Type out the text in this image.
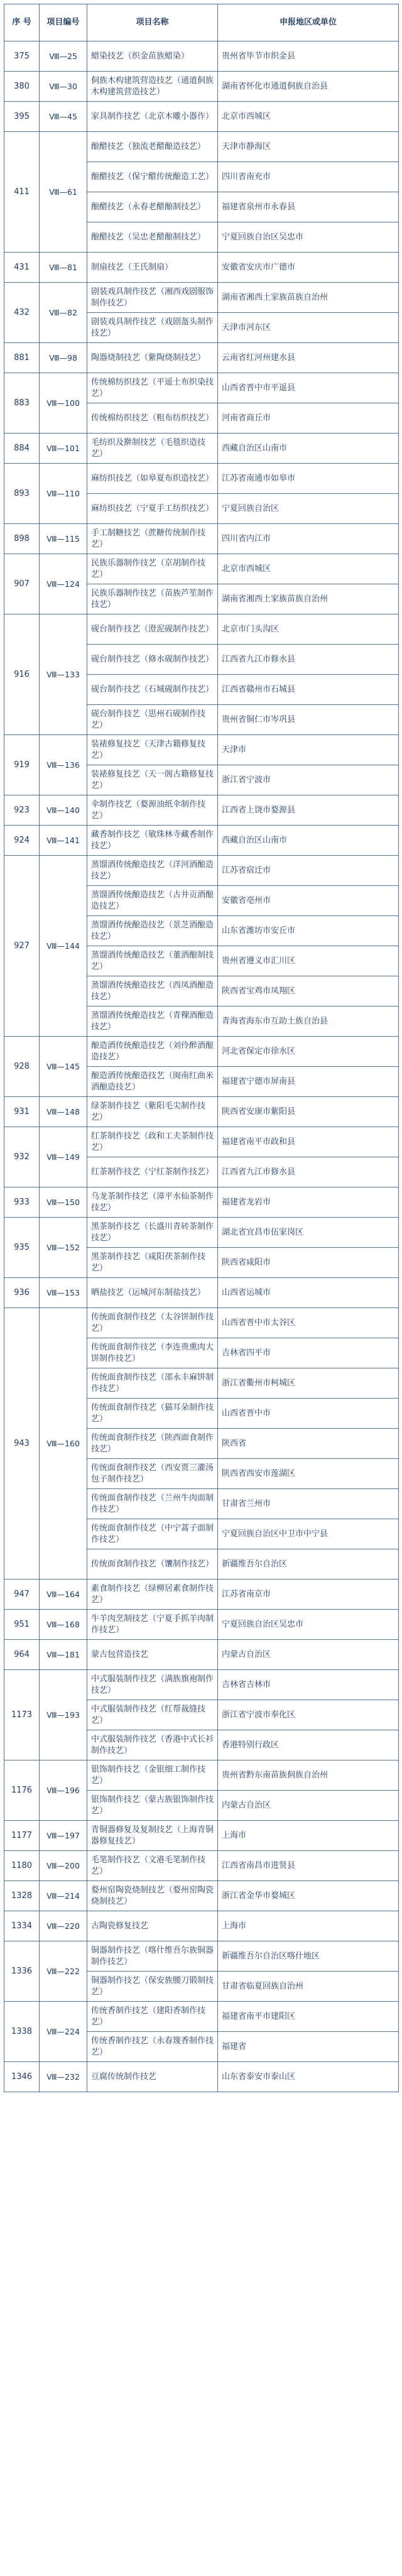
序 号	项目编号	项目名称	申报地区或单位
375	Ⅷ—25	蜡染技艺（织金苗族蜡染）	贵州省毕节市织金县
380	Ⅷ—30	侗族木构建筑营造技艺（通道侗族木构建筑营造技艺）	湖南省怀化市通道侗族自治县
395	Ⅷ—45	家具制作技艺（北京木雕小器作）	北京市西城区
411	Ⅷ—61	酿醋技艺（独流老醋酿造技艺）	天津市静海区
		酿醋技艺（保宁醋传统酿造工艺）	四川省南充市
		酿醋技艺（永春老醋酿制技艺）	福建省泉州市永春县
		酿醋技艺（吴忠老醋酿制技艺）	宁夏回族自治区吴忠市
431	Ⅷ—81	制扇技艺（王氏制扇）	安徽省安庆市广德市
432	Ⅷ—82	剧装戏具制作技艺（湘西戏剧服饰制作技艺）	湖南省湘西土家族苗族自治州
		剧装戏具制作技艺（戏剧盔头制作技艺）	天津市河东区
881	Ⅷ—98	陶器烧制技艺（紫陶烧制技艺）	云南省红河州建水县
883	Ⅷ—100	传统棉纺织技艺（平遥土布织染技艺）	山西省晋中市平遥县
		传统棉纺织技艺（粗布纺织技艺）	河南省商丘市
884	Ⅷ—101	毛纺织及擀制技艺（毛毯织造技艺）	西藏自治区山南市
893	Ⅷ—110	麻纺织技艺（如皋夏布织造技艺）	江苏省南通市如皋市
		麻纺织技艺（宁夏手工纺织技艺）	宁夏回族自治区
898	Ⅷ—115	手工制糖技艺（蔗糖传统制作技艺）	四川省内江市
907	Ⅷ—124	民族乐器制作技艺（京胡制作技艺）	北京市西城区
		民族乐器制作技艺（苗族芦笙制作技艺）	湖南省湘西土家族苗族自治州
916	Ⅷ—133	砚台制作技艺（澄泥砚制作技艺）	北京市门头沟区
		砚台制作技艺（修水砚制作技艺）	江西省九江市修水县
		砚台制作技艺（石城砚制作技艺）	江西省赣州市石城县
		砚台制作技艺（思州石砚制作技艺）	贵州省铜仁市岑巩县
919	Ⅷ—136	装裱修复技艺（天津古籍修复技艺）	天津市
		装裱修复技艺（天一阁古籍修复技艺）	浙江省宁波市
923	Ⅷ—140	伞制作技艺（婺源油纸伞制作技艺）	江西省上饶市婺源县
924	Ⅷ—141	藏香制作技艺（敏珠林寺藏香制作技艺）	西藏自治区山南市
927	Ⅷ—144	蒸馏酒传统酿造技艺（洋河酒酿造技艺）	江苏省宿迁市
		蒸馏酒传统酿造技艺（古井贡酒酿造技艺）	安徽省亳州市
		蒸馏酒传统酿造技艺（景芝酒酿造技艺）	山东省潍坊市安丘市
		蒸馏酒传统酿造技艺（董酒酿制技艺）	贵州省遵义市汇川区
		蒸馏酒传统酿造技艺（西凤酒酿造技艺）	陕西省宝鸡市凤翔区
		蒸馏酒传统酿造技艺（青稞酒酿造技艺）	青海省海东市互助土族自治县
928	Ⅷ—145	酿造酒传统酿造技艺（刘伶醉酒酿造技艺）	河北省保定市徐水区
		酿造酒传统酿造技艺（闽南红曲米酒酿造技艺）	福建省宁德市屏南县
931	Ⅷ—148	绿茶制作技艺（紫阳毛尖制作技艺）	陕西省安康市紫阳县
932	Ⅷ—149	红茶制作技艺（政和工夫茶制作技艺）	福建省南平市政和县
		红茶制作技艺（宁红茶制作技艺）	江西省九江市修水县
933	Ⅷ—150	乌龙茶制作技艺（漳平水仙茶制作技艺）	福建省龙岩市
935	Ⅷ—152	黑茶制作技艺（长盛川青砖茶制作技艺）	湖北省宜昌市伍家岗区
		黑茶制作技艺（咸阳茯茶制作技艺）	陕西省咸阳市
936	Ⅷ—153	晒盐技艺（运城河东制盐技艺）	山西省运城市
943	Ⅷ—160	传统面食制作技艺（太谷饼制作技艺）	山西省晋中市太谷区
		传统面食制作技艺（李连贵熏肉大饼制作技艺）	吉林省四平市
		传统面食制作技艺（邵永丰麻饼制作技艺）	浙江省衢州市柯城区
		传统面食制作技艺（猫耳朵制作技艺）	山西省晋中市
		传统面食制作技艺（陕西面食制作技艺）	陕西省
		传统面食制作技艺（西安贾三灌汤包子制作技艺）	陕西省西安市莲湖区
		传统面食制作技艺（兰州牛肉面制作技艺）	甘肃省兰州市
		传统面食制作技艺（中宁蒿子面制作技艺）	宁夏回族自治区中卫市中宁县
		传统面食制作技艺（馕制作技艺）	新疆维吾尔自治区
947	Ⅷ—164	素食制作技艺（绿柳居素食制作技艺）	江苏省南京市
951	Ⅷ—168	牛羊肉烹制技艺（宁夏手抓羊肉制作技艺）	宁夏回族自治区吴忠市
964	Ⅷ—181	蒙古包营造技艺	内蒙古自治区
1173	Ⅷ—193	中式服装制作技艺（满族旗袍制作技艺）	吉林省吉林市
		中式服装制作技艺（红帮裁缝技艺）	浙江省宁波市奉化区
		中式服装制作技艺（香港中式长衫制作技艺）	香港特别行政区
1176	Ⅷ—196	银饰制作技艺（金银细工制作技艺）	贵州省黔东南苗族侗族自治州
		银饰制作技艺（蒙古族银饰制作技艺）	内蒙古自治区
1177	Ⅷ—197	青铜器修复及复制技艺（上海青铜器修复技艺）	上海市
1180	Ⅷ—200	毛笔制作技艺（文港毛笔制作技艺）	江西省南昌市进贤县
1328	Ⅷ—214	婺州窑陶瓷烧制技艺（婺州窑陶瓷烧制技艺）	浙江省金华市婺城区
1334	Ⅷ—220	古陶瓷修复技艺	上海市
1336	Ⅷ—222	铜器制作技艺（喀什维吾尔族铜器制作技艺）	新疆维吾尔自治区喀什地区
		铜器制作技艺（保安族腰刀锻制技艺）	甘肃省临夏回族自治州
1338	Ⅷ—224	传统香制作技艺（建阳香制作技艺）	福建省南平市建阳区
		传统香制作技艺（永春篾香制作技艺）	福建省
1346	Ⅷ—232	豆腐传统制作技艺	山东省泰安市泰山区
